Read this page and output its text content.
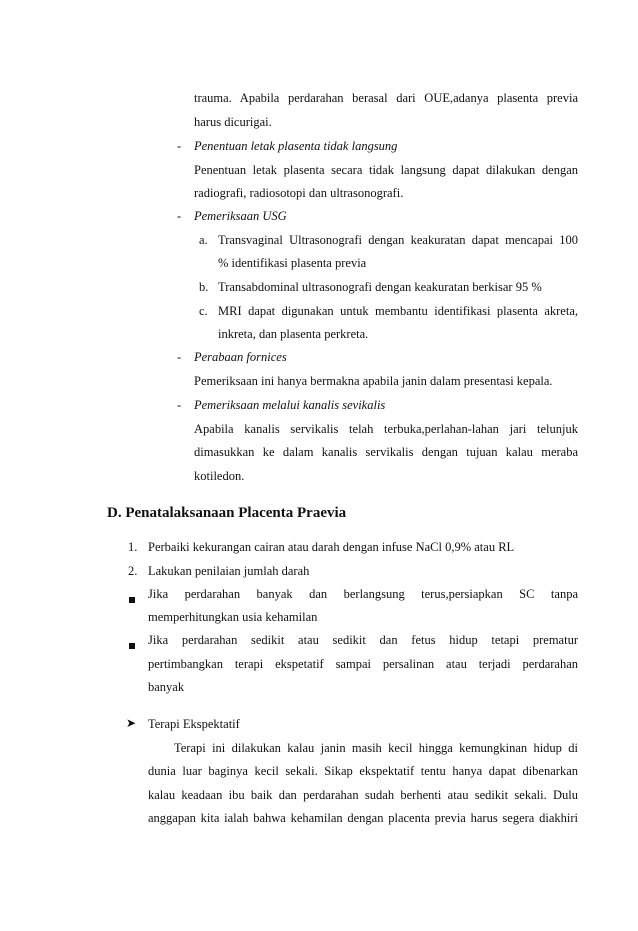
trauma. Apabila perdarahan berasal dari OUE,adanya plasenta previa
harus dicurigai.
- Penentuan letak plasenta tidak langsung
Penentuan letak plasenta secara tidak langsung dapat dilakukan dengan
radiografi, radiosotopi dan ultrasonografi.
- Pemeriksaan USG
a. Transvaginal Ultrasonografi dengan keakuratan dapat mencapai 100
% identifikasi plasenta previa
b. Transabdominal ultrasonografi dengan keakuratan berkisar 95 %
c. MRI dapat digunakan untuk membantu identifikasi plasenta akreta,
inkreta, dan plasenta perkreta.
- Perabaan fornices
Pemeriksaan ini hanya bermakna apabila janin dalam presentasi kepala.
- Pemeriksaan melalui kanalis sevikalis
Apabila kanalis servikalis telah terbuka,perlahan-lahan jari telunjuk
dimasukkan ke dalam kanalis servikalis dengan tujuan kalau meraba
kotiledon.
D. Penatalaksanaan Placenta Praevia
1. Perbaiki kekurangan cairan atau darah dengan infuse NaCl 0,9% atau RL
2. Lakukan penilaian jumlah darah
Jika perdarahan banyak dan berlangsung terus,persiapkan SC tanpa
memperhitungkan usia kehamilan
Jika perdarahan sedikit atau sedikit dan fetus hidup tetapi prematur
pertimbangkan terapi ekspetatif sampai persalinan atau terjadi perdarahan
banyak
➤ Terapi Ekspektatif
Terapi ini dilakukan kalau janin masih kecil hingga kemungkinan hidup di
dunia luar baginya kecil sekali. Sikap ekspektatif tentu hanya dapat dibenarkan
kalau keadaan ibu baik dan perdarahan sudah berhenti atau sedikit sekali. Dulu
anggapan kita ialah bahwa kehamilan dengan placenta previa harus segera diakhiri
